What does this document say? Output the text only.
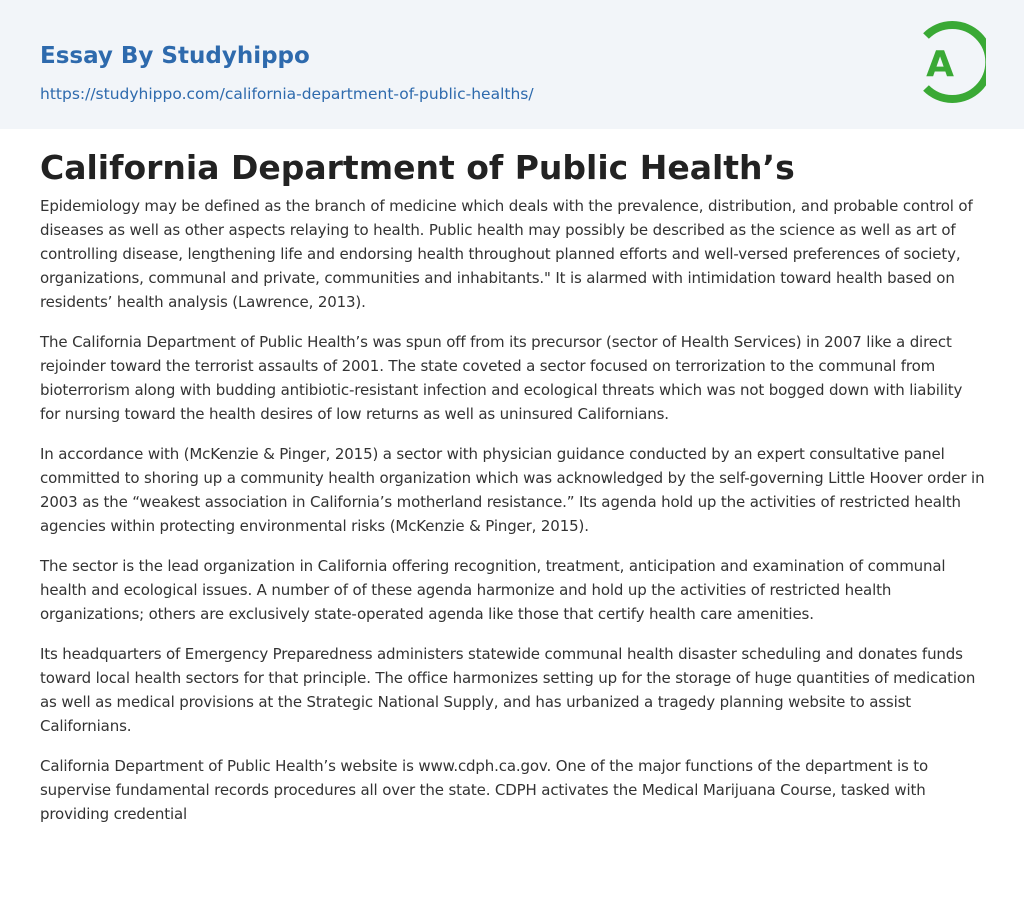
Essay By Studyhippo
https://studyhippo.com/california-department-of-public-healths/
A
California Department of Public Health’s

Epidemiology may be defined as the branch of medicine which deals with the prevalence, distribution, and probable control of diseases as well as other aspects relaying to health. Public health may possibly be described as the science as well as art of controlling disease, lengthening life and endorsing health throughout planned efforts and well-versed preferences of society, organizations, communal and private, communities and inhabitants." It is alarmed with intimidation toward health based on residents’ health analysis (Lawrence, 2013).

The California Department of Public Health’s was spun off from its precursor (sector of Health Services) in 2007 like a direct rejoinder toward the terrorist assaults of 2001. The state coveted a sector focused on terrorization to the communal from bioterrorism along with budding antibiotic-resistant infection and ecological threats which was not bogged down with liability for nursing toward the health desires of low returns as well as uninsured Californians.

In accordance with (McKenzie & Pinger, 2015) a sector with physician guidance conducted by an expert consultative panel committed to shoring up a community health organization which was acknowledged by the self-governing Little Hoover order in 2003 as the “weakest association in California’s motherland resistance.” Its agenda hold up the activities of restricted health agencies within protecting environmental risks (McKenzie & Pinger, 2015).

The sector is the lead organization in California offering recognition, treatment, anticipation and examination of communal health and ecological issues. A number of of these agenda harmonize and hold up the activities of restricted health organizations; others are exclusively state-operated agenda like those that certify health care amenities.

Its headquarters of Emergency Preparedness administers statewide communal health disaster scheduling and donates funds toward local health sectors for that principle. The office harmonizes setting up for the storage of huge quantities of medication as well as medical provisions at the Strategic National Supply, and has urbanized a tragedy planning website to assist Californians.

California Department of Public Health’s website is www.cdph.ca.gov. One of the major functions of the department is to supervise fundamental records procedures all over the state. CDPH activates the Medical Marijuana Course, tasked with providing credential
